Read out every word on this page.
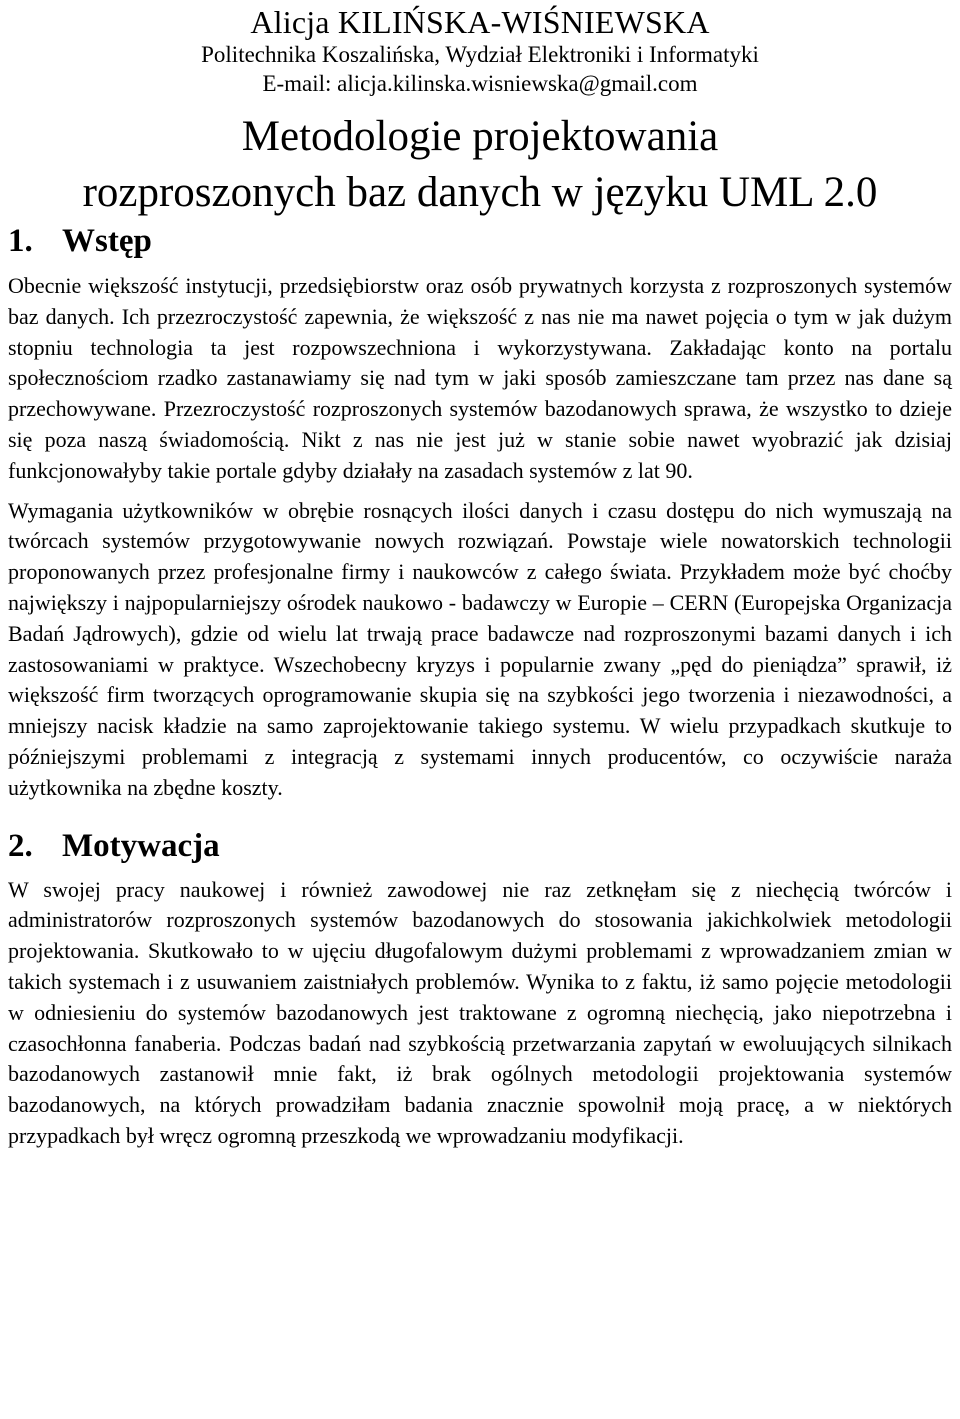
Alicja KILIŃSKA-WIŚNIEWSKA
Politechnika Koszalińska, Wydział Elektroniki i Informatyki
E-mail: alicja.kilinska.wisniewska@gmail.com
Metodologie projektowania
rozproszonych baz danych w języku UML 2.0
1. Wstęp

Obecnie większość instytucji, przedsiębiorstw oraz osób prywatnych korzysta z rozproszonych systemów baz danych. Ich przezroczystość zapewnia, że większość z nas nie ma nawet pojęcia o tym w jak dużym stopniu technologia ta jest rozpowszechniona i wykorzystywana. Zakładając konto na portalu społecznościom rzadko zastanawiamy się nad tym w jaki sposób zamieszczane tam przez nas dane są przechowywane. Przezroczystość rozproszonych systemów bazodanowych sprawa, że wszystko to dzieje się poza naszą świadomością. Nikt z nas nie jest już w stanie sobie nawet wyobrazić jak dzisiaj funkcjonowałyby takie portale gdyby działały na zasadach systemów z lat 90.

Wymagania użytkowników w obrębie rosnących ilości danych i czasu dostępu do nich wymuszają na twórcach systemów przygotowywanie nowych rozwiązań. Powstaje wiele nowatorskich technologii proponowanych przez profesjonalne firmy i naukowców z całego świata. Przykładem może być choćby największy i najpopularniejszy ośrodek naukowo - badawczy w Europie – CERN (Europejska Organizacja Badań Jądrowych), gdzie od wielu lat trwają prace badawcze nad rozproszonymi bazami danych i ich zastosowaniami w praktyce. Wszechobecny kryzys i popularnie zwany „pęd do pieniądza” sprawił, iż większość firm tworzących oprogramowanie skupia się na szybkości jego tworzenia i niezawodności, a mniejszy nacisk kładzie na samo zaprojektowanie takiego systemu. W wielu przypadkach skutkuje to późniejszymi problemami z integracją z systemami innych producentów, co oczywiście naraża użytkownika na zbędne koszty.

2. Motywacja

W swojej pracy naukowej i również zawodowej nie raz zetknęłam się z niechęcią twórców i administratorów rozproszonych systemów bazodanowych do stosowania jakichkolwiek metodologii projektowania. Skutkowało to w ujęciu długofalowym dużymi problemami z wprowadzaniem zmian w takich systemach i z usuwaniem zaistniałych problemów. Wynika to z faktu, iż samo pojęcie metodologii w odniesieniu do systemów bazodanowych jest traktowane z ogromną niechęcią, jako niepotrzebna i czasochłonna fanaberia. Podczas badań nad szybkością przetwarzania zapytań w ewoluujących silnikach bazodanowych zastanowił mnie fakt, iż brak ogólnych metodologii projektowania systemów bazodanowych, na których prowadziłam badania znacznie spowolnił moją pracę, a w niektórych przypadkach był wręcz ogromną przeszkodą we wprowadzaniu modyfikacji.
